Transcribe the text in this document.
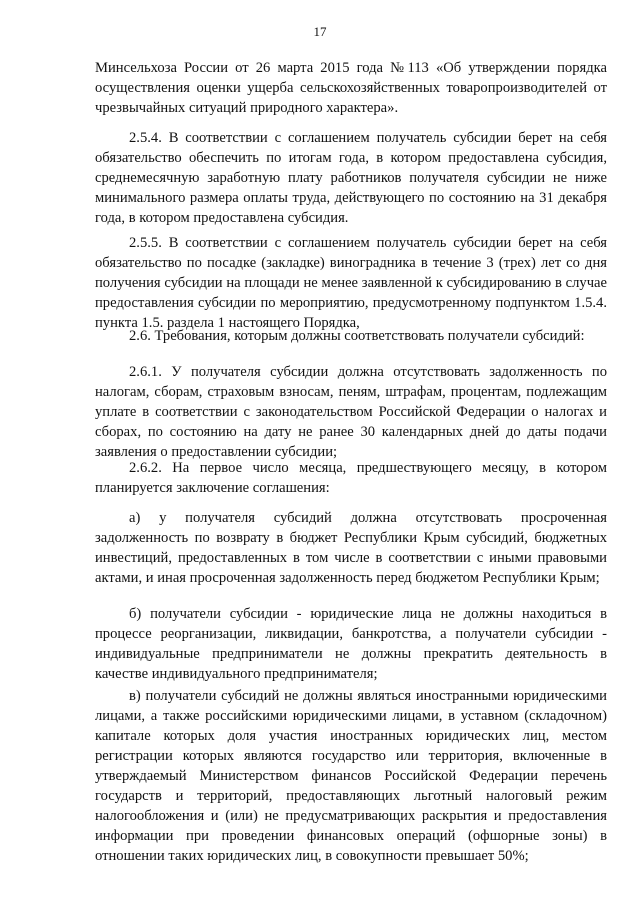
17

Минсельхоза России от 26 марта 2015 года №113 «Об утверждении порядка осуществления оценки ущерба сельскохозяйственных товаропроизводителей от чрезвычайных ситуаций природного характера».

2.5.4. В соответствии с соглашением получатель субсидии берет на себя обязательство обеспечить по итогам года, в котором предоставлена субсидия, среднемесячную заработную плату работников получателя субсидии не ниже минимального размера оплаты труда, действующего по состоянию на 31 декабря года, в котором предоставлена субсидия.

2.5.5. В соответствии с соглашением получатель субсидии берет на себя обязательство по посадке (закладке) виноградника в течение 3 (трех) лет со дня получения субсидии на площади не менее заявленной к субсидированию в случае предоставления субсидии по мероприятию, предусмотренному подпунктом 1.5.4. пункта 1.5. раздела 1 настоящего Порядка,

2.6. Требования, которым должны соответствовать получатели субсидий:

2.6.1. У получателя субсидии должна отсутствовать задолженность по налогам, сборам, страховым взносам, пеням, штрафам, процентам, подлежащим уплате в соответствии с законодательством Российской Федерации о налогах и сборах, по состоянию на дату не ранее 30 календарных дней до даты подачи заявления о предоставлении субсидии;

2.6.2. На первое число месяца, предшествующего месяцу, в котором планируется заключение соглашения:

а) у получателя субсидий должна отсутствовать просроченная задолженность по возврату в бюджет Республики Крым субсидий, бюджетных инвестиций, предоставленных в том числе в соответствии с иными правовыми актами, и иная просроченная задолженность перед бюджетом Республики Крым;

б) получатели субсидии - юридические лица не должны находиться в процессе реорганизации, ликвидации, банкротства, а получатели субсидии - индивидуальные предприниматели не должны прекратить деятельность в качестве индивидуального предпринимателя;

в) получатели субсидий не должны являться иностранными юридическими лицами, а также российскими юридическими лицами, в уставном (складочном) капитале которых доля участия иностранных юридических лиц, местом регистрации которых являются государство или территория, включенные в утверждаемый Министерством финансов Российской Федерации перечень государств и территорий, предоставляющих льготный налоговый режим налогообложения и (или) не предусматривающих раскрытия и предоставления информации при проведении финансовых операций (офшорные зоны) в отношении таких юридических лиц, в совокупности превышает 50%;
